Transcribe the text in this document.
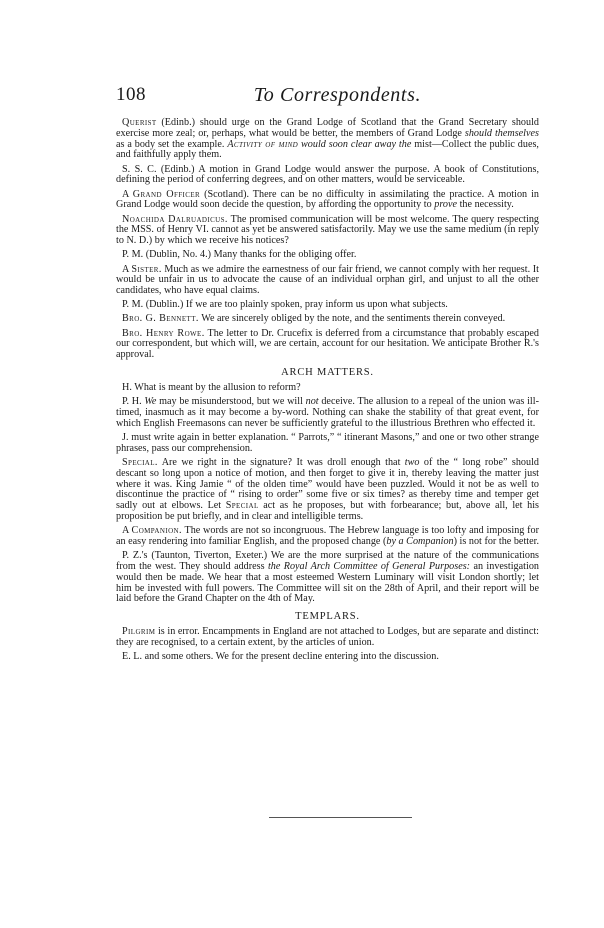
108	To Correspondents.

Querist (Edinb.) should urge on the Grand Lodge of Scotland that the Grand Secretary should exercise more zeal; or, perhaps, what would be better, the members of Grand Lodge should themselves as a body set the example. Activity of mind would soon clear away the mist—Collect the public dues, and faithfully apply them.

S. S. C. (Edinb.) A motion in Grand Lodge would answer the purpose. A book of Constitutions, defining the period of conferring degrees, and on other matters, would be serviceable.

A Grand Officer (Scotland). There can be no difficulty in assimilating the practice. A motion in Grand Lodge would soon decide the question, by affording the opportunity to prove the necessity.

Noachida Dalruadicus. The promised communication will be most welcome. The query respecting the MSS. of Henry VI. cannot as yet be answered satisfactorily. May we use the same medium (in reply to N. D.) by which we receive his notices?

P. M. (Dublin, No. 4.) Many thanks for the obliging offer.

A Sister. Much as we admire the earnestness of our fair friend, we cannot comply with her request. It would be unfair in us to advocate the cause of an individual orphan girl, and unjust to all the other candidates, who have equal claims.

P. M. (Dublin.) If we are too plainly spoken, pray inform us upon what subjects.

Bro. G. Bennett. We are sincerely obliged by the note, and the sentiments therein conveyed.

Bro. Henry Rowe. The letter to Dr. Crucefix is deferred from a circumstance that probably escaped our correspondent, but which will, we are certain, account for our hesitation. We anticipate Brother R.'s approval.

ARCH MATTERS.

H. What is meant by the allusion to reform?

P. H. We may be misunderstood, but we will not deceive. The allusion to a repeal of the union was ill-timed, inasmuch as it may become a by-word. Nothing can shake the stability of that great event, for which English Freemasons can never be sufficiently grateful to the illustrious Brethren who effected it.

J. must write again in better explanation. “ Parrots,” “ itinerant Masons,” and one or two other strange phrases, pass our comprehension.

Special. Are we right in the signature? It was droll enough that two of the “ long robe” should descant so long upon a notice of motion, and then forget to give it in, thereby leaving the matter just where it was. King Jamie “ of the olden time” would have been puzzled. Would it not be as well to discontinue the practice of “ rising to order” some five or six times? as thereby time and temper get sadly out at elbows. Let Special act as he proposes, but with forbearance; but, above all, let his proposition be put briefly, and in clear and intelligible terms.

A Companion. The words are not so incongruous. The Hebrew language is too lofty and imposing for an easy rendering into familiar English, and the proposed change (by a Companion) is not for the better.

P. Z.'s (Taunton, Tiverton, Exeter.) We are the more surprised at the nature of the communications from the west. They should address the Royal Arch Committee of General Purposes: an investigation would then be made. We hear that a most esteemed Western Luminary will visit London shortly; let him be invested with full powers. The Committee will sit on the 28th of April, and their report will be laid before the Grand Chapter on the 4th of May.

TEMPLARS.

Pilgrim is in error. Encampments in England are not attached to Lodges, but are separate and distinct: they are recognised, to a certain extent, by the articles of union.

E. L. and some others. We for the present decline entering into the discussion.
